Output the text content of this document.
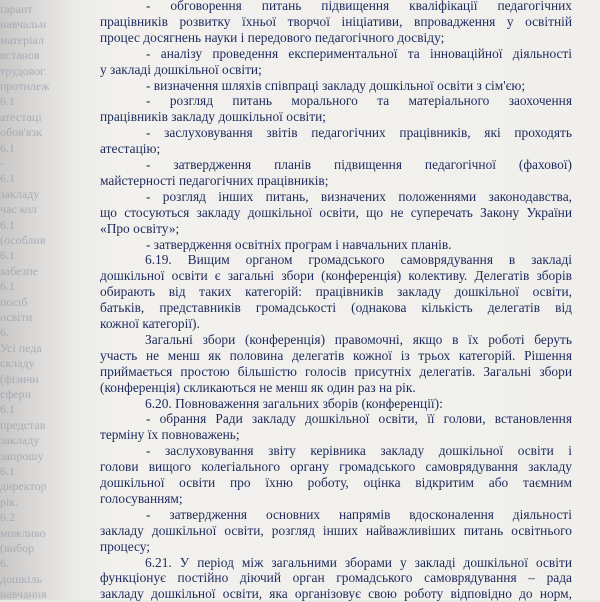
ґарант
навчальн
матеріал
встанов
трудовог
протилеж
6.1
атестаці
обов'язк
6.1
-
6.1
закладу
час кол
6.1
(особлив
6.1
забезпе
6.1
посіб
освіти
6.
Усі педа
складу
(фізичн
сфери
6.1
представ
закладу
запрошу
6.1
директор
рік.
6.2
можливо
(вибор
6.
дошкіль
навчання
- обговорення питань підвищення кваліфікації педагогічних
працівників розвитку їхньої творчої ініціативи, впровадження у освітній
процес досягнень науки і передового педагогічного досвіду;
- аналізу проведення експериментальної та інноваційної діяльності
у закладі дошкільної освіти;
- визначення шляхів співпраці закладу дошкільної освіти з сім'єю;
- розгляд питань морального та матеріального заохочення
працівників закладу дошкільної освіти;
- заслуховування звітів педагогічних працівників, які проходять
атестацію;
- затвердження планів підвищення педагогічної (фахової)
майстерності педагогічних працівників;
- розгляд інших питань, визначених положеннями законодавства,
що стосуються закладу дошкільної освіти, що не суперечать Закону України
«Про освіту»;
- затвердження освітніх програм і навчальних планів.
6.19. Вищим органом громадського самоврядування в закладі
дошкільної освіти є загальні збори (конференція) колективу. Делегатів зборів
обирають від таких категорій: працівників закладу дошкільної освіти,
батьків, представників громадськості (однакова кількість делегатів від
кожної категорії).
Загальні збори (конференція) правомочні, якщо в їх роботі беруть
участь не менш як половина делегатів кожної із трьох категорій. Рішення
приймається простою більшістю голосів присутніх делегатів. Загальні збори
(конференція) скликаються не менш як один раз на рік.
6.20. Повноваження загальних зборів (конференції):
- обрання Ради закладу дошкільної освіти, її голови, встановлення
терміну їх повноважень;
- заслуховування звіту керівника закладу дошкільної освіти і
голови вищого колегіального органу громадського самоврядування закладу
дошкільної освіти про їхню роботу, оцінка відкритим або таємним
голосуванням;
- затвердження основних напрямів вдосконалення діяльності
закладу дошкільної освіти, розгляд інших найважливіших питань освітнього
процесу;
6.21. У період між загальними зборами у закладі дошкільної освіти
функціонує постійно діючий орган громадського самоврядування – рада
закладу дошкільної освіти, яка організовує свою роботу відповідно до норм,
